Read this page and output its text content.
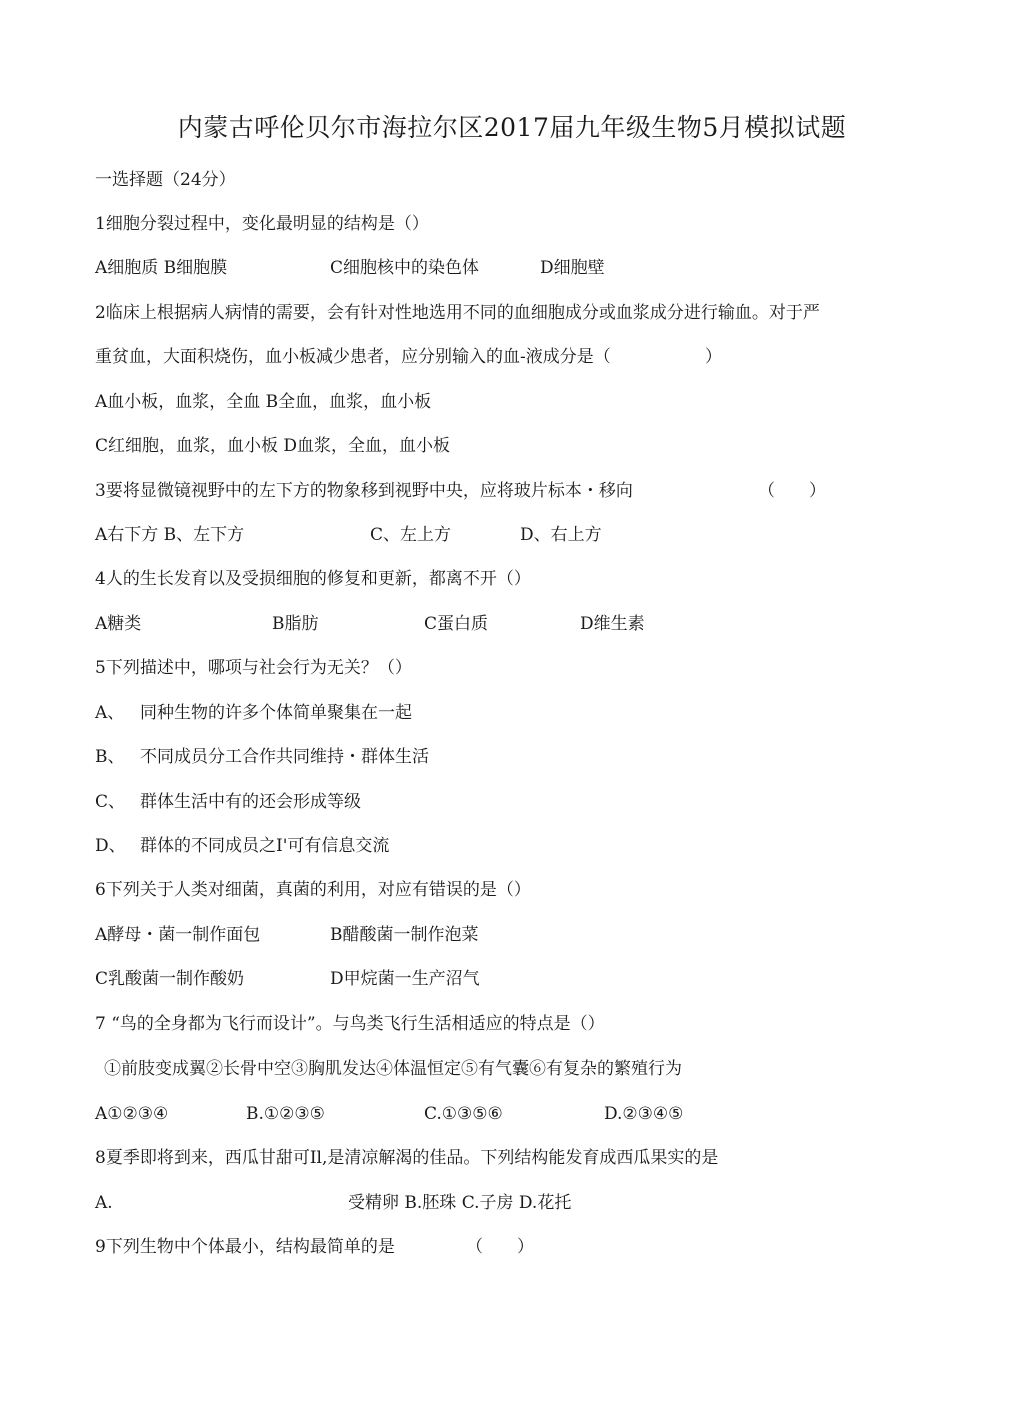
内蒙古呼伦贝尔市海拉尔区2017届九年级生物5月模拟试题
一选择题（24分）
1细胞分裂过程中，变化最明显的结构是（）
A细胞质 B细胞膜	C细胞核中的染色体	D细胞壁
2临床上根据病人病情的需要，会有针对性地选用不同的血细胞成分或血浆成分进行输血。对于严
重贫血，大面积烧伤，血小板减少患者，应分别输入的血-液成分是（	）
A血小板，血浆，全血 B全血，血浆，血小板
C红细胞，血浆，血小板 D血浆，全血，血小板
3要将显微镜视野中的左下方的物象移到视野中央，应将玻片标本・移向	（　　）
A右下方 B、左下方	C、左上方	D、右上方
4人的生长发育以及受损细胞的修复和更新，都离不开（）
A糖类	B脂肪	C蛋白质	D维生素
5下列描述中，哪项与社会行为无关？（）
A、 同种生物的许多个体简单聚集在一起
B、 不同成员分工合作共同维持・群体生活
C、 群体生活中有的还会形成等级
D、 群体的不同成员之I'可有信息交流
6下列关于人类对细菌，真菌的利用，对应有错误的是（）
A酵母・菌一制作面包	B醋酸菌一制作泡菜
C乳酸菌一制作酸奶	D甲烷菌一生产沼气
7 “鸟的全身都为飞行而设计”。与鸟类飞行生活相适应的特点是（）
①前肢变成翼②长骨中空③胸肌发达④体温恒定⑤有气囊⑥有复杂的繁殖行为
A①②③④	B.①②③⑤	C.①③⑤⑥	D.②③④⑤
8夏季即将到来，西瓜甘甜可Il,是清凉解渴的佳品。下列结构能发育成西瓜果实的是
A.	受精卵 B.胚珠 C.子房 D.花托
9下列生物中个体最小，结构最简单的是	（　　）
